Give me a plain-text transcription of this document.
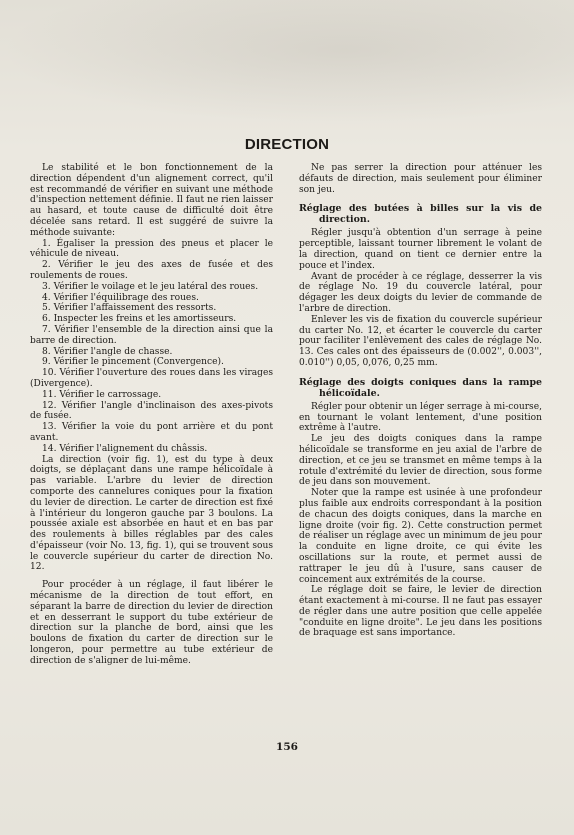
DIRECTION

Le stabilité et le bon fonctionnement de la direction dépendent d'un alignement correct, qu'il est recommandé de vérifier en suivant une méthode d'inspection nettement définie. Il faut ne rien laisser au hasard, et toute cause de difficulté doit être décelée sans retard. Il est suggéré de suivre la méthode suivante:

1. Égaliser la pression des pneus et placer le véhicule de niveau.

2. Vérifier le jeu des axes de fusée et des roulements de roues.

3. Vérifier le voilage et le jeu latéral des roues.

4. Vérifier l'équilibrage des roues.

5. Vérifier l'affaissement des ressorts.

6. Inspecter les freins et les amortisseurs.

7. Vérifier l'ensemble de la direction ainsi que la barre de direction.

8. Vérifier l'angle de chasse.

9. Vérifier le pincement (Convergence).

10. Vérifier l'ouverture des roues dans les virages (Divergence).

11. Vérifier le carrossage.

12. Vérifier l'angle d'inclinaison des axes-pivots de fusée.

13. Vérifier la voie du pont arrière et du pont avant.

14. Vérifier l'alignement du châssis.

La direction (voir fig. 1), est du type à deux doigts, se déplaçant dans une rampe hélicoïdale à pas variable. L'arbre du levier de direction comporte des cannelures coniques pour la fixation du levier de direction. Le carter de direction est fixé à l'intérieur du longeron gauche par 3 boulons. La poussée axiale est absorbée en haut et en bas par des roulements à billes réglables par des cales d'épaisseur (voir No. 13, fig. 1), qui se trouvent sous le couvercle supérieur du carter de direction No. 12.

Pour procéder à un réglage, il faut libérer le mécanisme de la direction de tout effort, en séparant la barre de direction du levier de direction et en desserrant le support du tube extérieur de direction sur la planche de bord, ainsi que les boulons de fixation du carter de direction sur le longeron, pour permettre au tube extérieur de direction de s'aligner de lui-même.

Ne pas serrer la direction pour atténuer les défauts de direction, mais seulement pour éliminer son jeu.

Réglage des butées à billes sur la vis de direction.

Régler jusqu'à obtention d'un serrage à peine perceptible, laissant tourner librement le volant de la direction, quand on tient ce dernier entre la pouce et l'index.

Avant de procéder à ce réglage, desserrer la vis de réglage No. 19 du couvercle latéral, pour dégager les deux doigts du levier de commande de l'arbre de direction.

Enlever les vis de fixation du couvercle supérieur du carter No. 12, et écarter le couvercle du carter pour faciliter l'enlèvement des cales de réglage No. 13. Ces cales ont des épaisseurs de (0.002'', 0.003'', 0.010'') 0,05, 0,076, 0,25 mm.

Réglage des doigts coniques dans la rampe hélicoïdale.

Régler pour obtenir un léger serrage à mi-course, en tournant le volant lentement, d'une position extrême à l'autre.

Le jeu des doigts coniques dans la rampe hélicoïdale se transforme en jeu axial de l'arbre de direction, et ce jeu se transmet en même temps à la rotule d'extrémité du levier de direction, sous forme de jeu dans son mouvement.

Noter que la rampe est usinée à une profondeur plus faible aux endroits correspondant à la position de chacun des doigts coniques, dans la marche en ligne droite (voir fig. 2). Cette construction permet de réaliser un réglage avec un minimum de jeu pour la conduite en ligne droite, ce qui évite les oscillations sur la route, et permet aussi de rattraper le jeu dû à l'usure, sans causer de coincement aux extrémités de la course.

Le réglage doit se faire, le levier de direction étant exactement à mi-course. Il ne faut pas essayer de régler dans une autre position que celle appelée "conduite en ligne droite". Le jeu dans les positions de braquage est sans importance.

156
